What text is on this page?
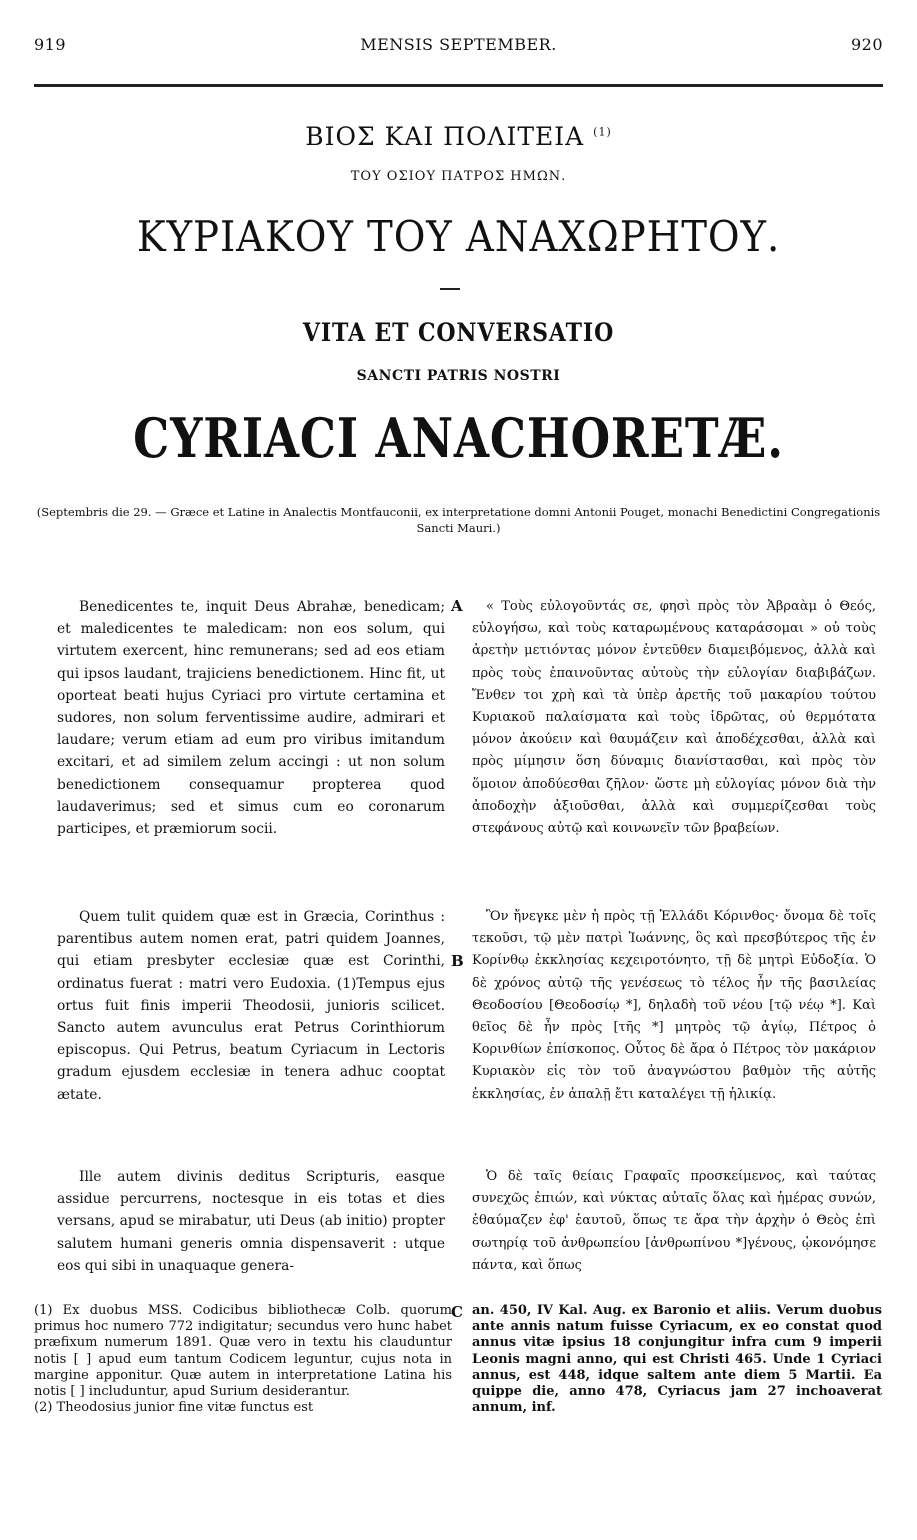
919	MENSIS SEPTEMBER.	920
ΒΙΟΣ ΚΑΙ ΠΟΛΙΤΕΙΑ $^{(1)}$
ΤΟΥ ΟΣΙΟΥ ΠΑΤΡΟΣ ΗΜΩΝ.
ΚΥΡΙΑΚΟΥ ΤΟΥ ΑΝΑΧΩΡΗΤΟΥ.
VITA ET CONVERSATIO
SANCTI PATRIS NOSTRI
CYRIACI ANACHORETÆ.
(Septembris die 29. — Græce et Latine in Analectis Montfauconii, ex interpretatione domni Antonii Pouget, monachi Benedictini Congregationis Sancti Mauri.)

Benedicentes te, inquit Deus Abrahæ, benedicam; et maledicentes te maledicam: non eos solum, qui virtutem exercent, hinc remunerans; sed ad eos etiam qui ipsos laudant, trajiciens benedictionem. Hinc fit, ut oporteat beati hujus Cyriaci pro virtute certamina et sudores, non solum ferventissime audire, admirari et laudare; verum etiam ad eum pro viribus imitandum excitari, et ad similem zelum accingi : ut non solum benedictionem consequamur propterea quod laudaverimus; sed et simus cum eo coronarum participes, et præmiorum socii.

Quem tulit quidem quæ est in Græcia, Corinthus : parentibus autem nomen erat, patri quidem Joannes, qui etiam presbyter ecclesiæ quæ est Corinthi, ordinatus fuerat : matri vero Eudoxia. (1)Tempus ejus ortus fuit finis imperii Theodosii, junioris scilicet. Sancto autem avunculus erat Petrus Corinthiorum episcopus. Qui Petrus, beatum Cyriacum in Lectoris gradum ejusdem ecclesiæ in tenera adhuc cooptat ætate.

Ille autem divinis deditus Scripturis, easque assidue percurrens, noctesque in eis totas et dies versans, apud se mirabatur, uti Deus (ab initio) propter salutem humani generis omnia dispensaverit : utque eos qui sibi in unaquaque genera-

A
B
C

« Τοὺς εὐλογοῦντάς σε, φησὶ πρὸς τὸν Ἀβραὰμ ὁ Θεός, εὐλογήσω, καὶ τοὺς καταρωμένους καταράσομαι » οὐ τοὺς ἀρετὴν μετιόντας μόνον ἐντεῦθεν διαμειβόμενος, ἀλλὰ καὶ πρὸς τοὺς ἐπαινοῦντας αὐτοὺς τὴν εὐλογίαν διαβιβάζων. Ἔνθεν τοι χρὴ καὶ τὰ ὑπὲρ ἀρετῆς τοῦ μακαρίου τούτου Κυριακοῦ παλαίσματα καὶ τοὺς ἱδρῶτας, οὐ θερμότατα μόνον ἀκούειν καὶ θαυμάζειν καὶ ἀποδέχεσθαι, ἀλλὰ καὶ πρὸς μίμησιν ὅση δύναμις διανίστασθαι, καὶ πρὸς τὸν ὅμοιον ἀποδύεσθαι ζῆλον· ὥστε μὴ εὐλογίας μόνον διὰ τὴν ἀποδοχὴν ἀξιοῦσθαι, ἀλλὰ καὶ συμμερίζεσθαι τοὺς στεφάνους αὐτῷ καὶ κοινωνεῖν τῶν βραβείων.

Ὃν ἤνεγκε μὲν ἡ πρὸς τῇ Ἑλλάδι Κόρινθος· ὄνομα δὲ τοῖς τεκοῦσι, τῷ μὲν πατρὶ Ἰωάννης, ὃς καὶ πρεσβύτερος τῆς ἐν Κορίνθῳ ἐκκλησίας κεχειροτόνητο, τῇ δὲ μητρὶ Εὐδοξία. Ὁ δὲ χρόνος αὐτῷ τῆς γενέσεως τὸ τέλος ἦν τῆς βασιλείας Θεοδοσίου [Θεοδοσίῳ *], δηλαδὴ τοῦ νέου [τῷ νέῳ *]. Καὶ θεῖος δὲ ἦν πρὸς [τῆς *] μητρὸς τῷ ἁγίῳ, Πέτρος ὁ Κορινθίων ἐπίσκοπος. Οὗτος δὲ ἄρα ὁ Πέτρος τὸν μακάριον Κυριακὸν εἰς τὸν τοῦ ἀναγνώστου βαθμὸν τῆς αὐτῆς ἐκκλησίας, ἐν ἁπαλῇ ἔτι καταλέγει τῇ ἡλικίᾳ.

Ὁ δὲ ταῖς θείαις Γραφαῖς προσκείμενος, καὶ ταύτας συνεχῶς ἐπιών, καὶ νύκτας αὐταῖς ὅλας καὶ ἡμέρας συνών, ἐθαύμαζεν ἐφ' ἑαυτοῦ, ὅπως τε ἄρα τὴν ἀρχὴν ὁ Θεὸς ἐπὶ σωτηρίᾳ τοῦ ἀνθρωπείου [ἀνθρωπίνου *]γένους, ᾠκονόμησε πάντα, καὶ ὅπως

(1) Ex duobus MSS. Codicibus bibliothecæ Colb. quorum primus hoc numero 772 indigitatur; secundus vero hunc habet præfixum numerum 1891. Quæ vero in textu his clauduntur notis [ ] apud eum tantum Codicem leguntur, cujus nota in margine apponitur. Quæ autem in interpretatione Latina his notis [ ] includuntur, apud Surium desiderantur.

(2) Theodosius junior fine vitæ functus est

an. 450, IV Kal. Aug. ex Baronio et aliis. Verum duobus ante annis natum fuisse Cyriacum, ex eo constat quod annus vitæ ipsius 18 conjungitur infra cum 9 imperii Leonis magni anno, qui est Christi 465. Unde 1 Cyriaci annus, est 448, idque saltem ante diem 5 Martii. Ea quippe die, anno 478, Cyriacus jam 27 inchoaverat annum, inf.
